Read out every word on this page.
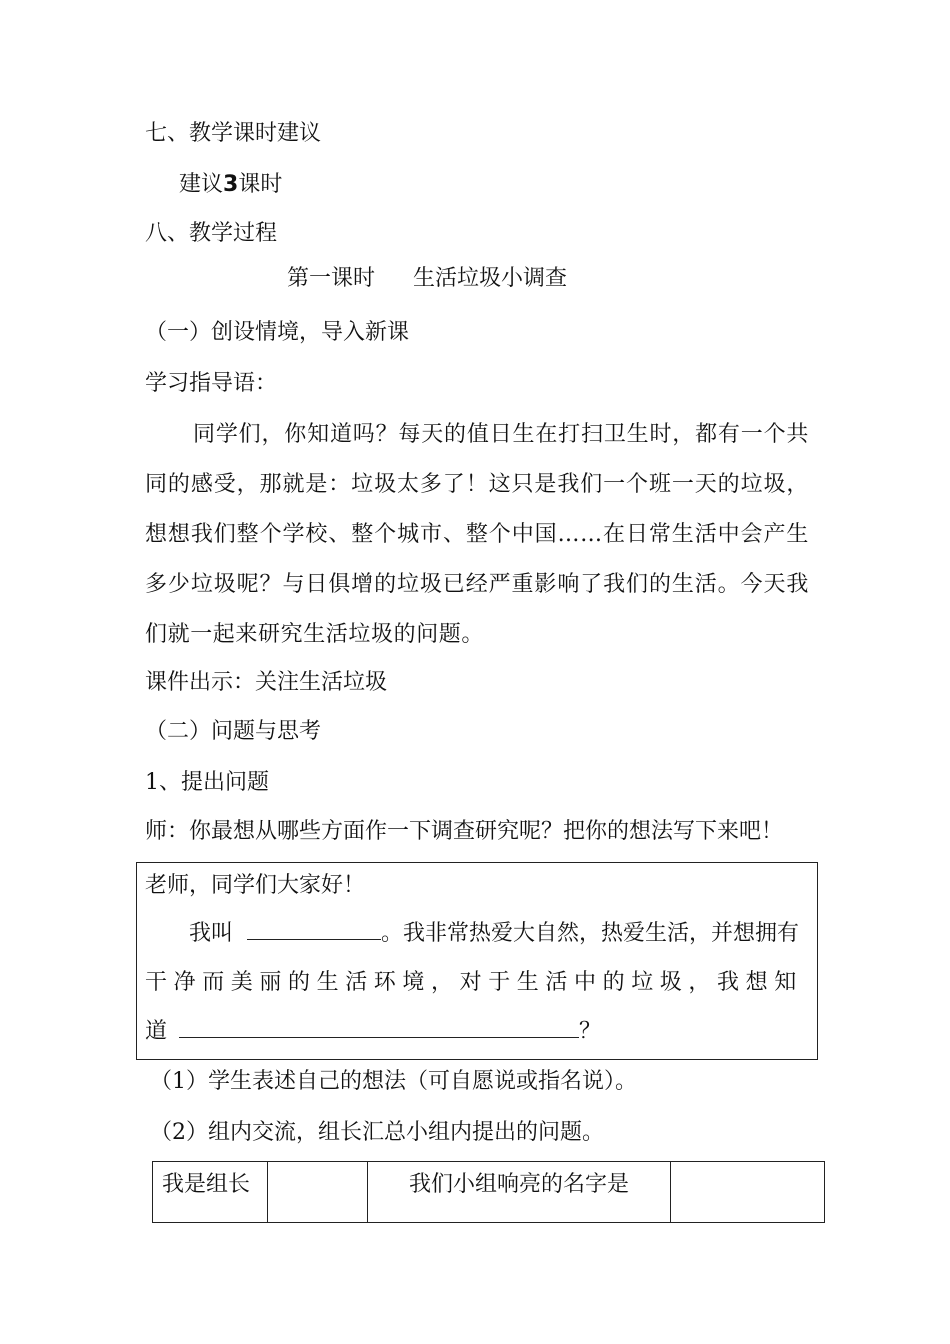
七、教学课时建议
建议3课时
八、教学过程
第一课时 生活垃圾小调查
（一）创设情境，导入新课
学习指导语：
同学们，你知道吗？每天的值日生在打扫卫生时，都有一个共同的感受，那就是：垃圾太多了！这只是我们一个班一天的垃圾，想想我们整个学校、整个城市、整个中国……在日常生活中会产生多少垃圾呢？与日俱增的垃圾已经严重影响了我们的生活。今天我们就一起来研究生活垃圾的问题。
课件出示：关注生活垃圾
（二）问题与思考
1、提出问题
师：你最想从哪些方面作一下调查研究呢？把你的想法写下来吧！
老师，同学们大家好！
我叫	。我非常热爱大自然，热爱生活，并想拥有
干净而美丽的生活环境，对于生活中的垃圾，我想知
道	？
（1）学生表述自己的想法（可自愿说或指名说）。
（2）组内交流，组长汇总小组内提出的问题。
我是组长		我们小组响亮的名字是	
